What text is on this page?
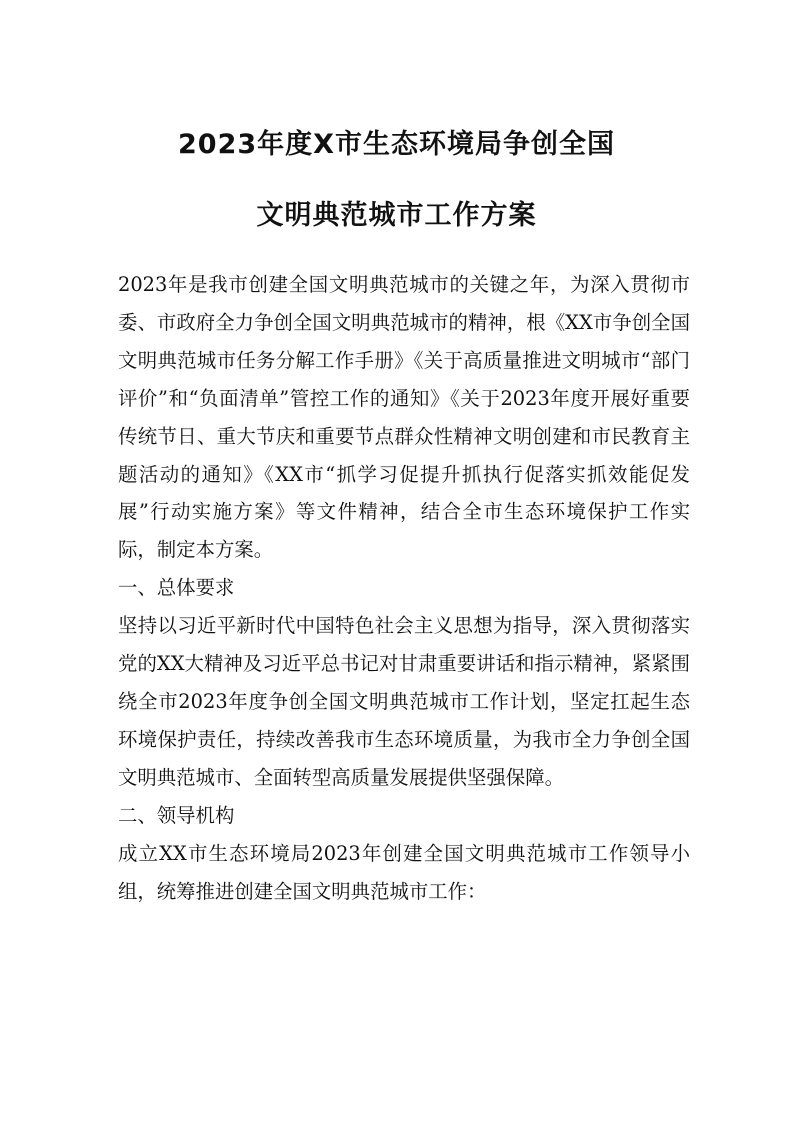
2023年度X市生态环境局争创全国
文明典范城市工作方案

2023年是我市创建全国文明典范城市的关键之年，为深入贯彻市委、市政府全力争创全国文明典范城市的精神，根《XX市争创全国文明典范城市任务分解工作手册》《关于高质量推进文明城市“部门评价”和“负面清单”管控工作的通知》《关于2023年度开展好重要传统节日、重大节庆和重要节点群众性精神文明创建和市民教育主题活动的通知》《XX市“抓学习促提升抓执行促落实抓效能促发展”行动实施方案》等文件精神，结合全市生态环境保护工作实际，制定本方案。

一、总体要求

坚持以习近平新时代中国特色社会主义思想为指导，深入贯彻落实党的XX大精神及习近平总书记对甘肃重要讲话和指示精神，紧紧围绕全市2023年度争创全国文明典范城市工作计划，坚定扛起生态环境保护责任，持续改善我市生态环境质量，为我市全力争创全国文明典范城市、全面转型高质量发展提供坚强保障。

二、领导机构

成立XX市生态环境局2023年创建全国文明典范城市工作领导小组，统筹推进创建全国文明典范城市工作：
